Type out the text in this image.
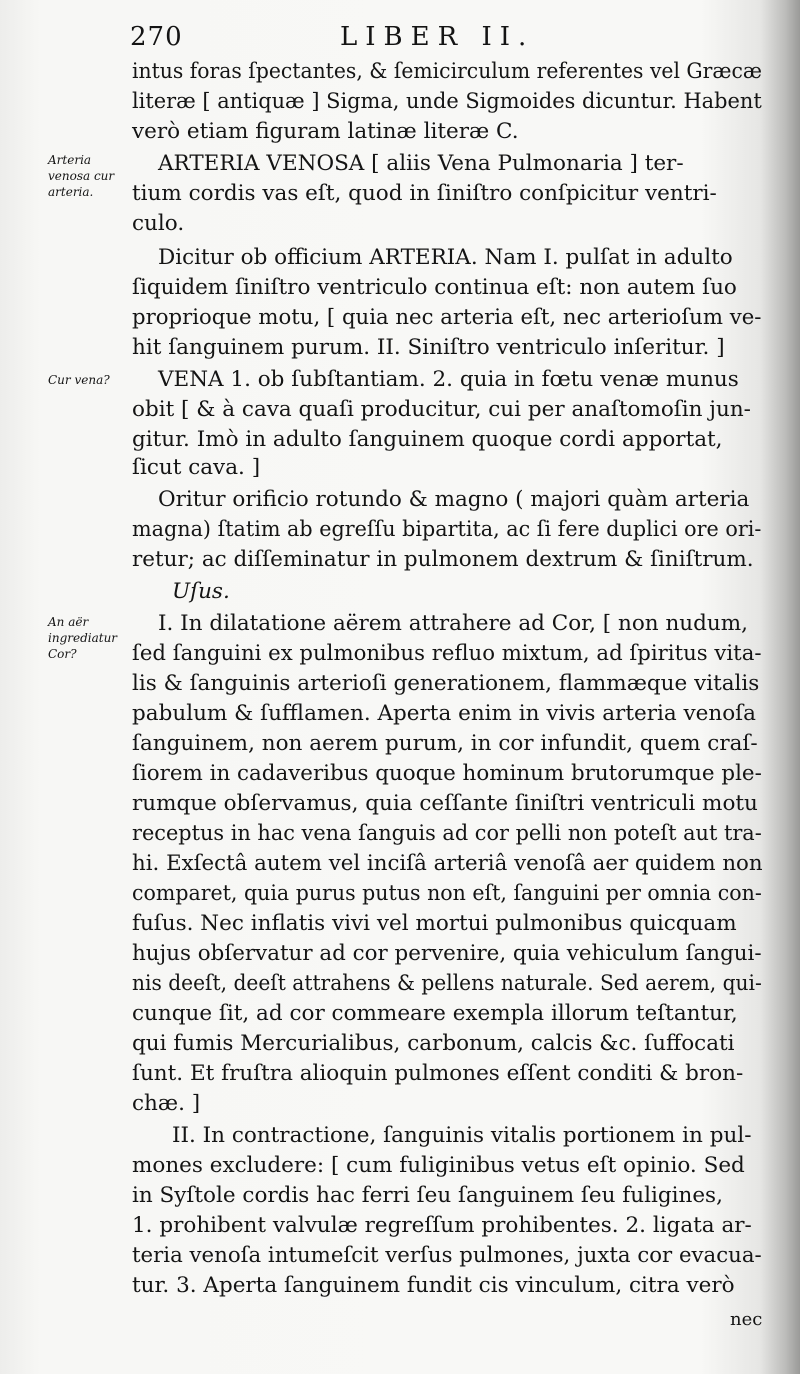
270	LIBER II.
Arteria venosa cur arteria.
Cur vena?
An aër ingrediatur Cor?
intus foras ſpectantes, & ſemicirculum referentes vel Græcæ
literæ [ antiquæ ] Sigma, unde Sigmoides dicuntur. Habent
verò etiam figuram latinæ literæ C.
ARTERIA VENOSA [ aliis Vena Pulmonaria ] ter-
tium cordis vas eſt, quod in ſiniſtro conſpicitur ventri-
culo.
Dicitur ob officium ARTERIA. Nam I. pulſat in adulto
ſiquidem ſiniſtro ventriculo continua eſt: non autem ſuo
proprioque motu, [ quia nec arteria eſt, nec arterioſum ve-
hit ſanguinem purum. II. Siniſtro ventriculo inſeritur. ]
VENA 1. ob ſubſtantiam. 2. quia in fœtu venæ munus
obit [ & à cava quaſi producitur, cui per anaſtomoſin jun-
gitur. Imò in adulto ſanguinem quoque cordi apportat,
ſicut cava. ]
Oritur orificio rotundo & magno ( majori quàm arteria
magna) ſtatim ab egreſſu bipartita, ac ſi fere duplici ore ori-
retur; ac diſſeminatur in pulmonem dextrum & ſiniſtrum.
Uſus.
I. In dilatatione aërem attrahere ad Cor, [ non nudum,
ſed ſanguini ex pulmonibus refluo mixtum, ad ſpiritus vita-
lis & ſanguinis arterioſi generationem, flammæque vitalis
pabulum & ſufflamen. Aperta enim in vivis arteria venoſa
ſanguinem, non aerem purum, in cor infundit, quem craſ-
ſiorem in cadaveribus quoque hominum brutorumque ple-
rumque obſervamus, quia ceſſante ſiniſtri ventriculi motu
receptus in hac vena ſanguis ad cor pelli non poteſt aut tra-
hi. Exſectâ autem vel inciſâ arteriâ venoſâ aer quidem non
comparet, quia purus putus non eſt, ſanguini per omnia con-
fuſus. Nec inflatis vivi vel mortui pulmonibus quicquam
hujus obſervatur ad cor pervenire, quia vehiculum ſangui-
nis deeſt, deeſt attrahens & pellens naturale. Sed aerem, qui-
cunque ſit, ad cor commeare exempla illorum teſtantur,
qui fumis Mercurialibus, carbonum, calcis &c. ſuffocati
ſunt. Et fruſtra alioquin pulmones eſſent conditi & bron-
chæ. ]
II. In contractione, ſanguinis vitalis portionem in pul-
mones excludere: [ cum fuliginibus vetus eſt opinio. Sed
in Syſtole cordis hac ferri ſeu ſanguinem ſeu fuligines,
1. prohibent valvulæ regreſſum prohibentes. 2. ligata ar-
teria venoſa intumeſcit verſus pulmones, juxta cor evacua-
tur. 3. Aperta ſanguinem fundit cis vinculum, citra verò
nec
